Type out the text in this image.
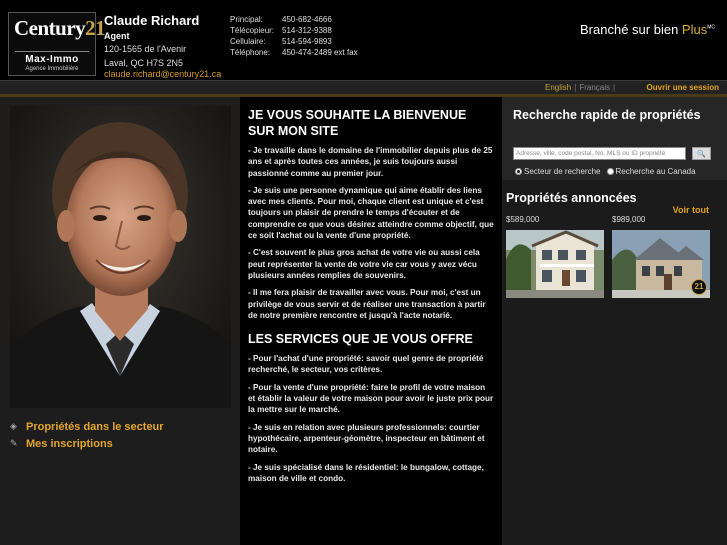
Century21
Max-Immo
Agence Immobilière
Claude Richard
Agent
120-1565 de l'Avenir
Laval, QC H7S 2N5
claude.richard@century21.ca
Principal:	450-682-4666
Télécopieur: 514-312-9388
Cellulaire:	514-594-9893
Téléphone:	450-474-2489 ext fax
Branché sur bien Plus$^{MC}$
English | Français |	Ouvrir une session
◈ Propriétés dans le secteur
✎ Mes inscriptions
JE VOUS SOUHAITE LA BIENVENUE SUR MON SITE

- Je travaille dans le domaine de l'immobilier depuis plus de 25 ans et après toutes ces années, je suis toujours aussi passionné comme au premier jour.

- Je suis une personne dynamique qui aime établir des liens avec mes clients. Pour moi, chaque client est unique et c'est toujours un plaisir de prendre le temps d'écouter et de comprendre ce que vous désirez atteindre comme objectif, que ce soit l'achat ou la vente d'une propriété.

- C'est souvent le plus gros achat de votre vie ou aussi cela peut représenter la vente de votre vie car vous y avez vécu plusieurs années remplies de souvenirs.

- Il me fera plaisir de travailler avec vous. Pour moi, c'est un privilège de vous servir et de réaliser une transaction à partir de notre première rencontre et jusqu'à l'acte notarié.

LES SERVICES QUE JE VOUS OFFRE

- Pour l'achat d'une propriété: savoir quel genre de propriété recherché, le secteur, vos critères.

- Pour la vente d'une propriété: faire le profil de votre maison et établir la valeur de votre maison pour avoir le juste prix pour la mettre sur le marché.

- Je suis en relation avec plusieurs professionnels: courtier hypothécaire, arpenteur-géomètre, inspecteur en bâtiment et notaire.

- Je suis spécialisé dans le résidentiel: le bungalow, cottage, maison de ville et condo.

Recherche rapide de propriétés
Adresse, ville, code postal, No. MLS ou ID propriété	🔍
Secteur de recherche	Recherche au Canada
Propriétés annoncées
Voir tout
$589,000	$989,000
21
